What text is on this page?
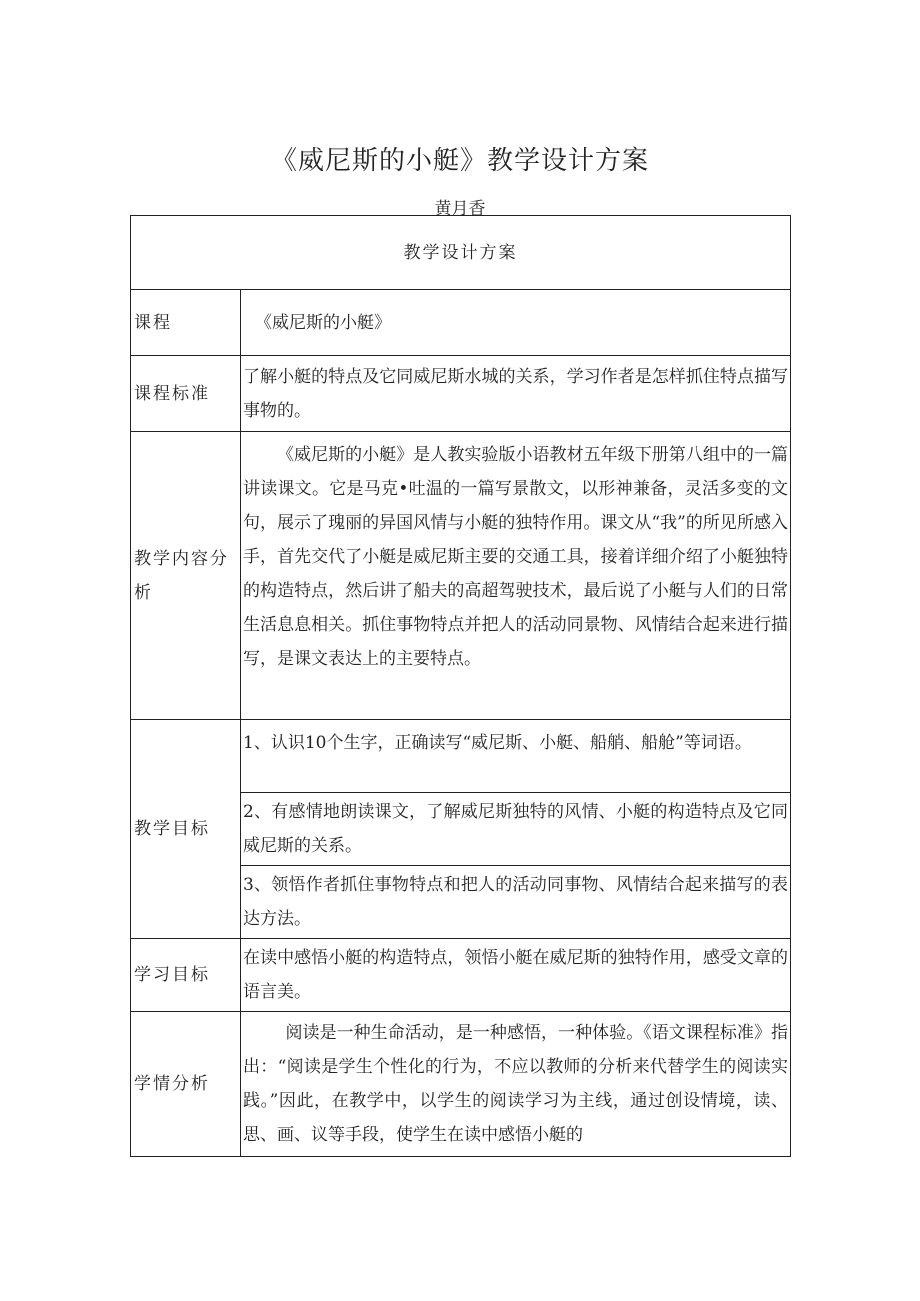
《威尼斯的小艇》教学设计方案
黄月香
教学设计方案	
课程	《威尼斯的小艇》
课程标准	了解小艇的特点及它同威尼斯水城的关系，学习作者是怎样抓住特点描写事物的。
教学内容分析	《威尼斯的小艇》是人教实验版小语教材五年级下册第八组中的一篇讲读课文。它是马克•吐温的一篇写景散文，以形神兼备，灵活多变的文句，展示了瑰丽的异国风情与小艇的独特作用。课文从“我”的所见所感入手，首先交代了小艇是威尼斯主要的交通工具，接着详细介绍了小艇独特的构造特点，然后讲了船夫的高超驾驶技术，最后说了小艇与人们的日常生活息息相关。抓住事物特点并把人的活动同景物、风情结合起来进行描写，是课文表达上的主要特点。
教学目标	1、认识10个生字，正确读写“威尼斯、小艇、船艄、船舱”等词语。
	2、有感情地朗读课文，了解威尼斯独特的风情、小艇的构造特点及它同威尼斯的关系。
	3、领悟作者抓住事物特点和把人的活动同事物、风情结合起来描写的表达方法。
学习目标	在读中感悟小艇的构造特点，领悟小艇在威尼斯的独特作用，感受文章的语言美。
学情分析	阅读是一种生命活动，是一种感悟，一种体验。《语文课程标准》指出：“阅读是学生个性化的行为，不应以教师的分析来代替学生的阅读实践。”因此，在教学中，以学生的阅读学习为主线，通过创设情境，读、思、画、议等手段，使学生在读中感悟小艇的
